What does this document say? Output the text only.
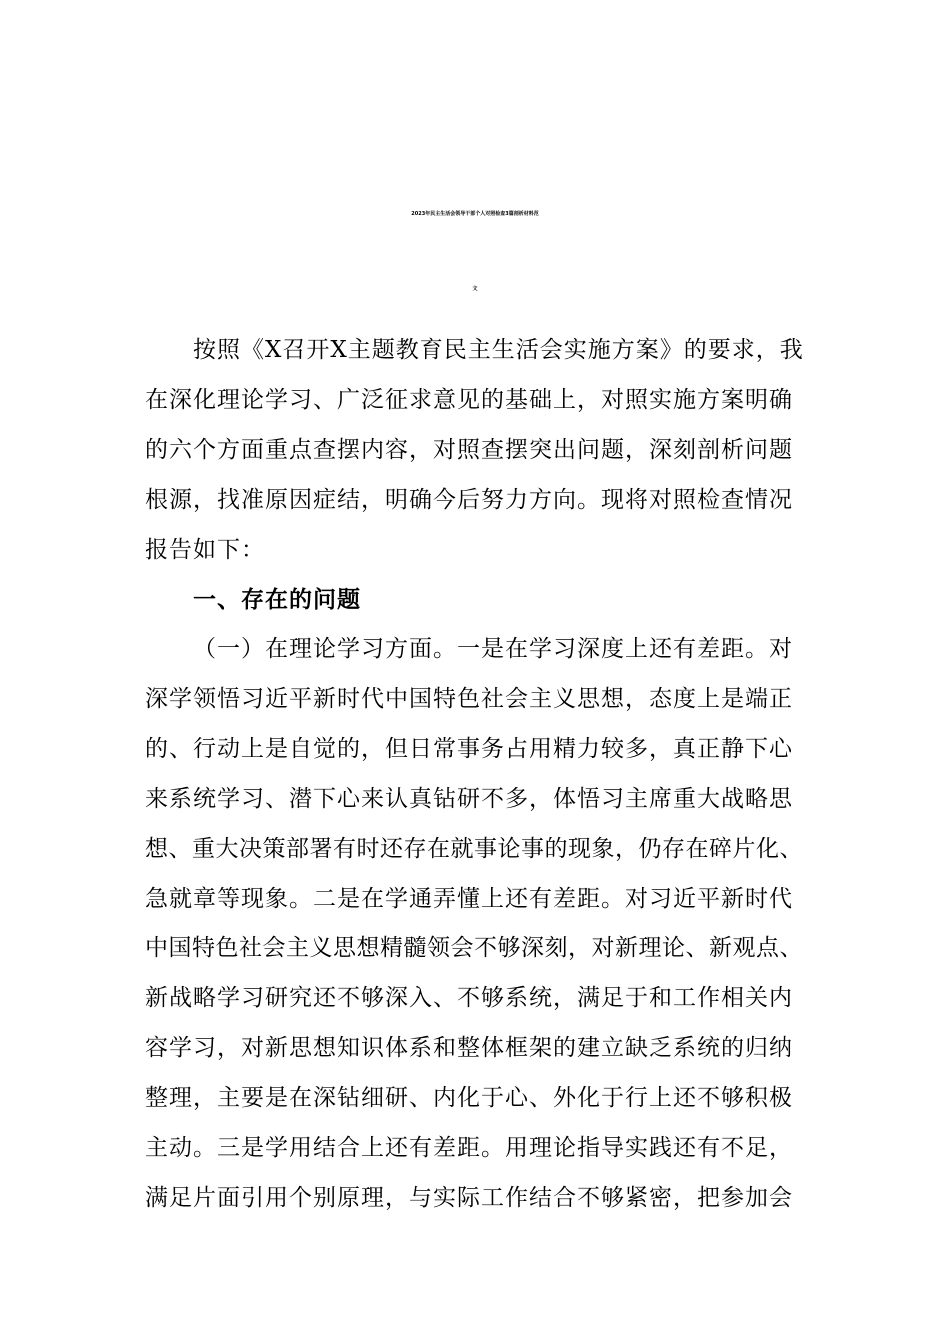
2023年民主生活会领导干部个人对照检查3篇剖析材料范
文
按照《X召开X主题教育民主生活会实施方案》的要求，我
在深化理论学习、广泛征求意见的基础上，对照实施方案明确
的六个方面重点查摆内容，对照查摆突出问题，深刻剖析问题
根源，找准原因症结，明确今后努力方向。现将对照检查情况
报告如下：
一、存在的问题
（一）在理论学习方面。一是在学习深度上还有差距。对
深学领悟习近平新时代中国特色社会主义思想，态度上是端正
的、行动上是自觉的，但日常事务占用精力较多，真正静下心
来系统学习、潜下心来认真钻研不多，体悟习主席重大战略思
想、重大决策部署有时还存在就事论事的现象，仍存在碎片化、
急就章等现象。二是在学通弄懂上还有差距。对习近平新时代
中国特色社会主义思想精髓领会不够深刻，对新理论、新观点、
新战略学习研究还不够深入、不够系统，满足于和工作相关内
容学习，对新思想知识体系和整体框架的建立缺乏系统的归纳
整理，主要是在深钻细研、内化于心、外化于行上还不够积极
主动。三是学用结合上还有差距。用理论指导实践还有不足，
满足片面引用个别原理，与实际工作结合不够紧密，把参加会
